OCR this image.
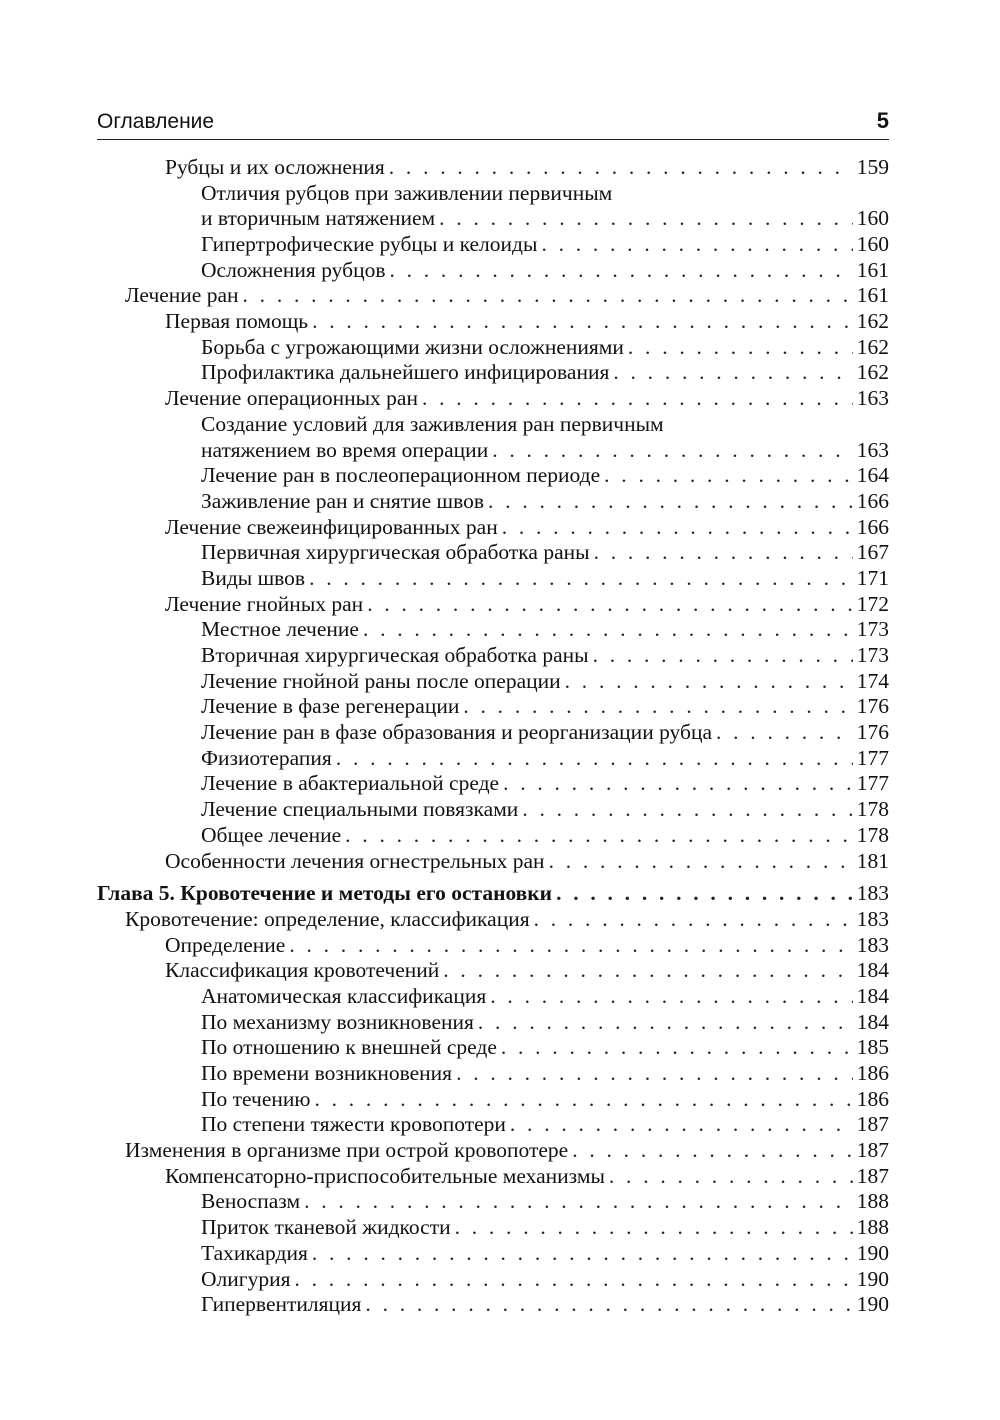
Оглавление	5
Рубцы и их осложнения . . .	159
Отличия рубцов при заживлении первичным
и вторичным натяжением . . .	160
Гипертрофические рубцы и келоиды . . .	160
Осложнения рубцов . . .	161
Лечение ран . . .	161
Первая помощь . . .	162
Борьба с угрожающими жизни осложнениями . . .	162
Профилактика дальнейшего инфицирования . . .	162
Лечение операционных ран . . .	163
Создание условий для заживления ран первичным
натяжением во время операции . . .	163
Лечение ран в послеоперационном периоде . . .	164
Заживление ран и снятие швов . . .	166
Лечение свежеинфицированных ран . . .	166
Первичная хирургическая обработка раны . . .	167
Виды швов . . .	171
Лечение гнойных ран . . .	172
Местное лечение . . .	173
Вторичная хирургическая обработка раны . . .	173
Лечение гнойной раны после операции . . .	174
Лечение в фазе регенерации . . .	176
Лечение ран в фазе образования и реорганизации рубца . . .	176
Физиотерапия . . .	177
Лечение в абактериальной среде . . .	177
Лечение специальными повязками . . .	178
Общее лечение . . .	178
Особенности лечения огнестрельных ран . . .	181
Глава 5. Кровотечение и методы его остановки . . .	183
Кровотечение: определение, классификация . . .	183
Определение . . .	183
Классификация кровотечений . . .	184
Анатомическая классификация . . .	184
По механизму возникновения . . .	184
По отношению к внешней среде . . .	185
По времени возникновения . . .	186
По течению . . .	186
По степени тяжести кровопотери . . .	187
Изменения в организме при острой кровопотере . . .	187
Компенсаторно-приспособительные механизмы . . .	187
Веноспазм . . .	188
Приток тканевой жидкости . . .	188
Тахикардия . . .	190
Олигурия . . .	190
Гипервентиляция . . .	190
